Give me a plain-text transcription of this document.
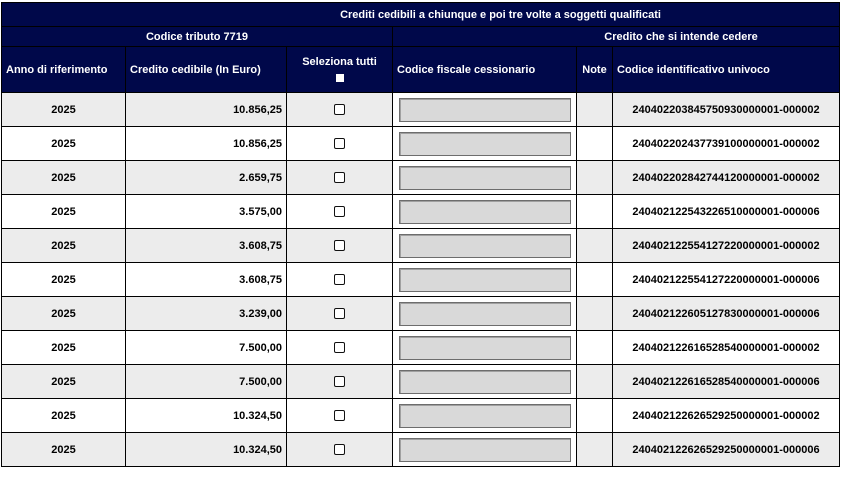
Crediti cedibili a chiunque e poi tre volte a soggetti qualificati					
Codice tributo 7719			Credito che si intende cedere		
Anno di riferimento	Credito cedibile (In Euro)	Seleziona tutti	Codice fiscale cessionario	Note	Codice identificativo univoco
2025	10.856,25				240402203845750930000001-000002
2025	10.856,25				240402202437739100000001-000002
2025	2.659,75				240402202842744120000001-000002
2025	3.575,00				240402122543226510000001-000006
2025	3.608,75				240402122554127220000001-000002
2025	3.608,75				240402122554127220000001-000006
2025	3.239,00				240402122605127830000001-000006
2025	7.500,00				240402122616528540000001-000002
2025	7.500,00				240402122616528540000001-000006
2025	10.324,50				240402122626529250000001-000002
2025	10.324,50				240402122626529250000001-000006
